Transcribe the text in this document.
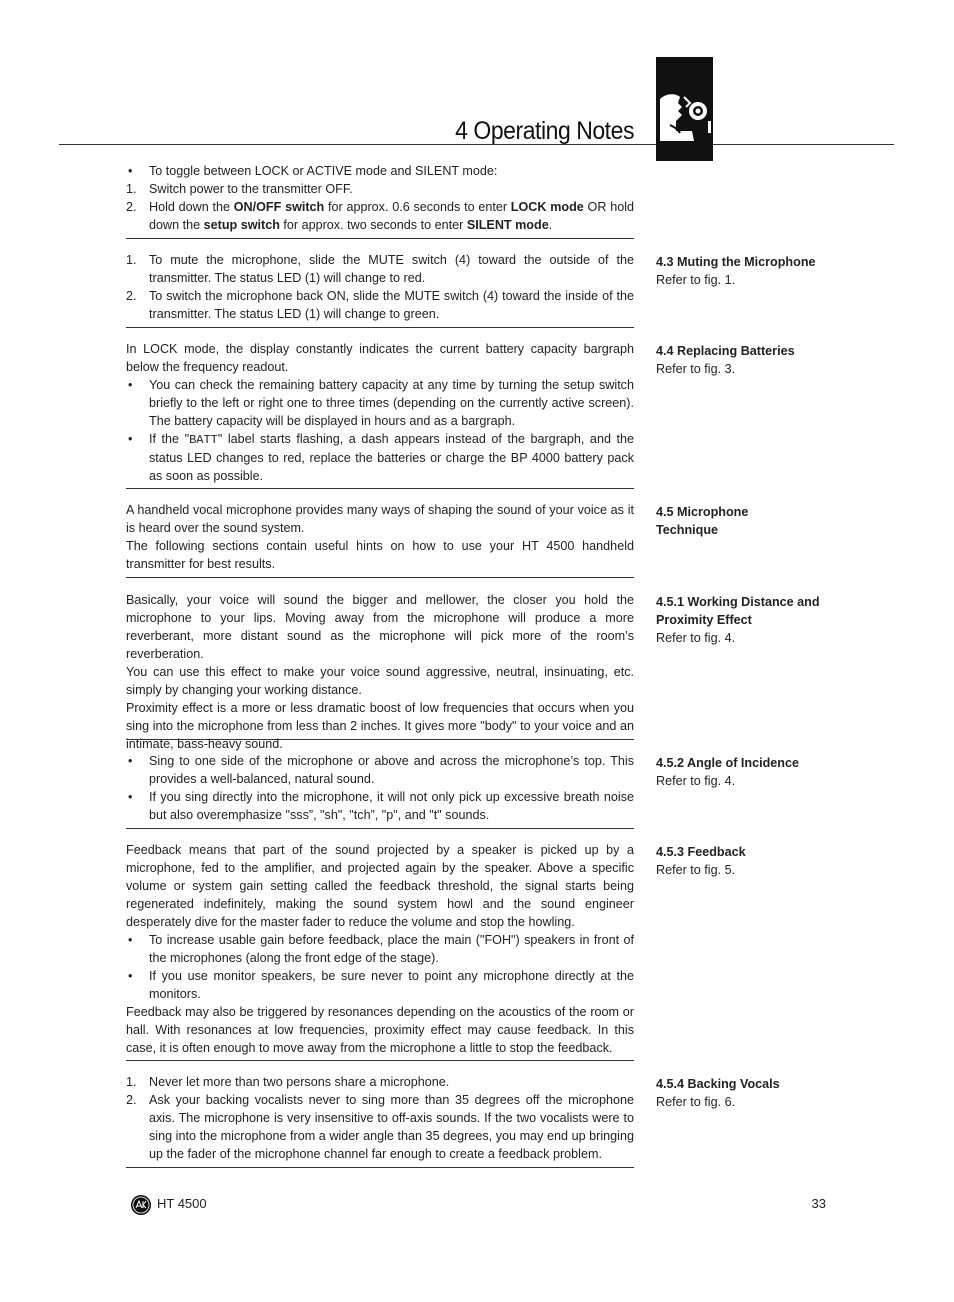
4 Operating Notes
•	To toggle between LOCK or ACTIVE mode and SILENT mode:
1. Switch power to the transmitter OFF.
2. Hold down the ON/OFF switch for approx. 0.6 seconds to enter LOCK mode OR hold down the setup switch for approx. two seconds to enter SILENT mode.
1. To mute the microphone, slide the MUTE switch (4) toward the outside of the transmitter. The status LED (1) will change to red.
2. To switch the microphone back ON, slide the MUTE switch (4) toward the inside of the transmitter. The status LED (1) will change to green.
In LOCK mode, the display constantly indicates the current battery capacity bargraph below the frequency readout.
•	You can check the remaining battery capacity at any time by turning the setup switch briefly to the left or right one to three times (depending on the currently active screen). The battery capacity will be displayed in hours and as a bargraph.
•	If the "BATT" label starts flashing, a dash appears instead of the bargraph, and the status LED changes to red, replace the batteries or charge the BP 4000 battery pack as soon as possible.
A handheld vocal microphone provides many ways of shaping the sound of your voice as it is heard over the sound system.
The following sections contain useful hints on how to use your HT 4500 handheld transmitter for best results.
Basically, your voice will sound the bigger and mellower, the closer you hold the microphone to your lips. Moving away from the microphone will produce a more reverberant, more distant sound as the microphone will pick more of the room’s reverberation.
You can use this effect to make your voice sound aggressive, neutral, insinuating, etc. simply by changing your working distance.
Proximity effect is a more or less dramatic boost of low frequencies that occurs when you sing into the microphone from less than 2 inches. It gives more "body" to your voice and an intimate, bass-heavy sound.
•	Sing to one side of the microphone or above and across the microphone’s top. This provides a well-balanced, natural sound.
•	If you sing directly into the microphone, it will not only pick up excessive breath noise but also overemphasize "sss”, "sh", "tch”, "p", and "t" sounds.
Feedback means that part of the sound projected by a speaker is picked up by a microphone, fed to the amplifier, and projected again by the speaker. Above a specific volume or system gain setting called the feedback threshold, the signal starts being regenerated indefinitely, making the sound system howl and the sound engineer desperately dive for the master fader to reduce the volume and stop the howling.
•	To increase usable gain before feedback, place the main ("FOH") speakers in front of the microphones (along the front edge of the stage).
•	If you use monitor speakers, be sure never to point any microphone directly at the monitors.
Feedback may also be triggered by resonances depending on the acoustics of the room or hall. With resonances at low frequencies, proximity effect may cause feedback. In this case, it is often enough to move away from the microphone a little to stop the feedback.
1. Never let more than two persons share a microphone.
2. Ask your backing vocalists never to sing more than 35 degrees off the microphone axis. The microphone is very insensitive to off-axis sounds. If the two vocalists were to sing into the microphone from a wider angle than 35 degrees, you may end up bringing up the fader of the microphone channel far enough to create a feedback problem.
4.3 Muting the Microphone
Refer to fig. 1.
4.4 Replacing Batteries
Refer to fig. 3.
4.5 Microphone Technique
4.5.1 Working Distance and Proximity Effect
Refer to fig. 4.
4.5.2 Angle of Incidence
Refer to fig. 4.
4.5.3 Feedback
Refer to fig. 5.
4.5.4 Backing Vocals
Refer to fig. 6.
HT 4500	33
